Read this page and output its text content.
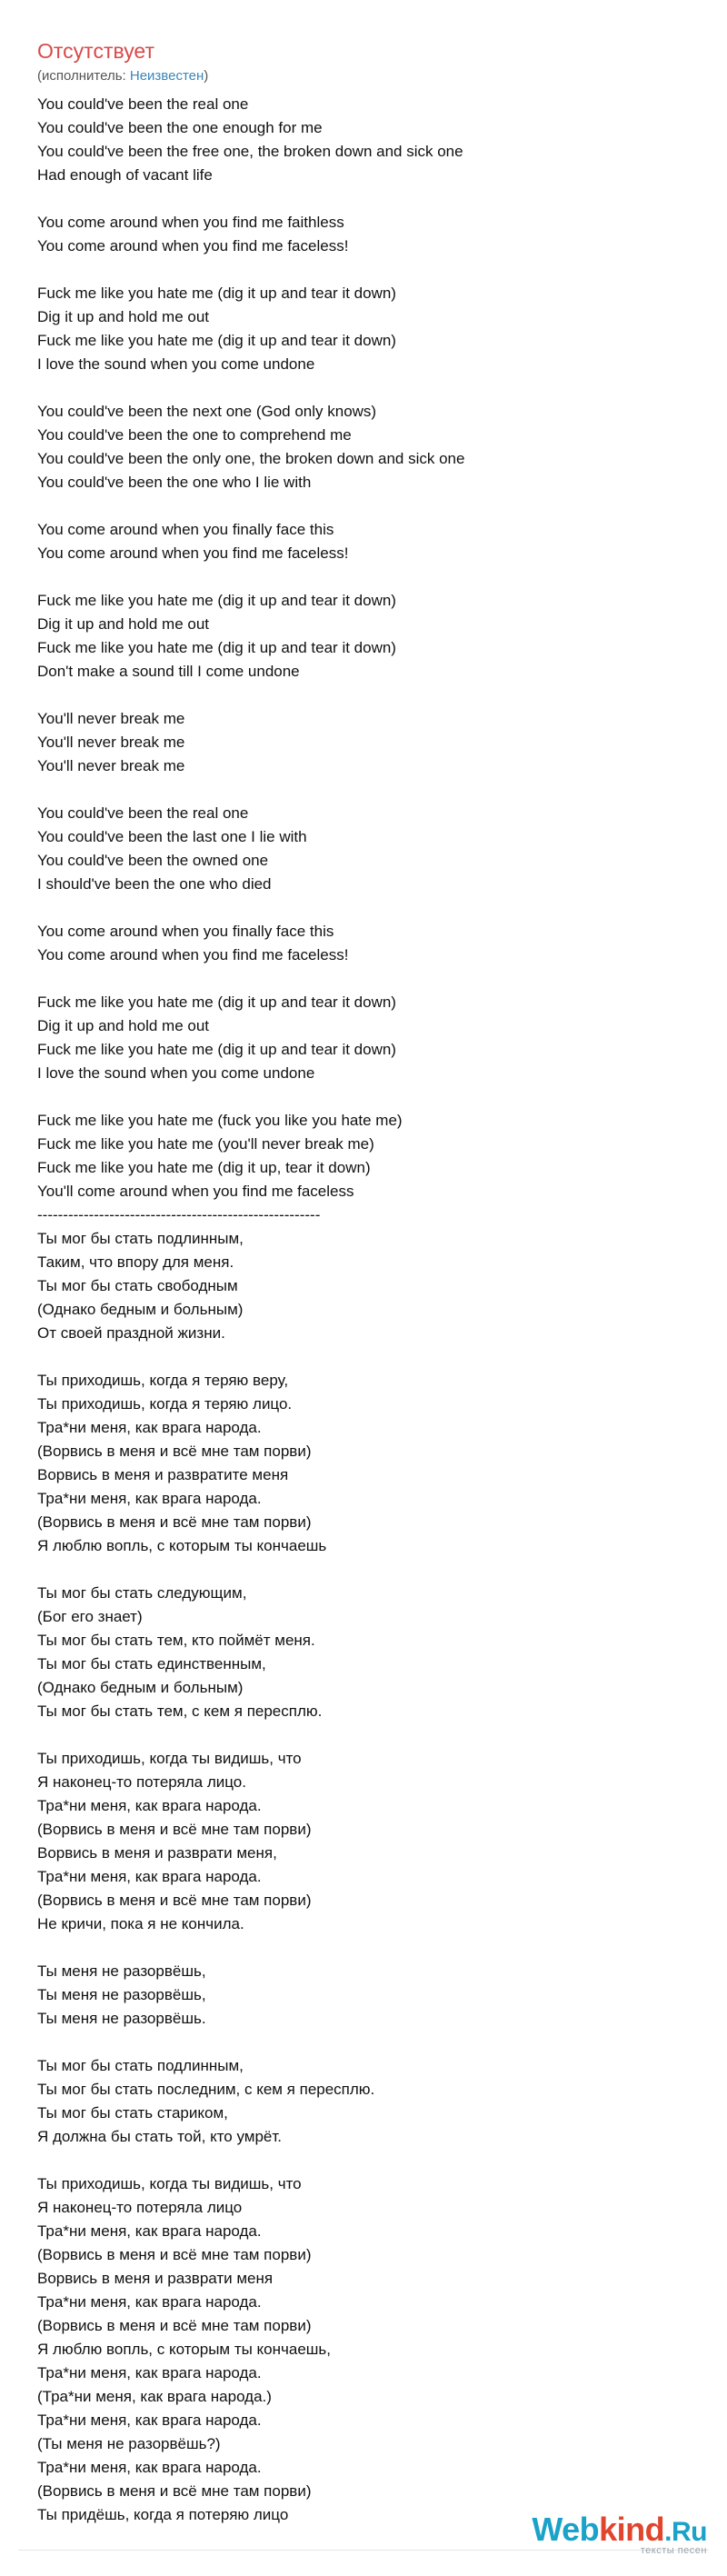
Отсутствует
(исполнитель: Неизвестен)
You could've been the real one
You could've been the one enough for me
You could've been the free one, the broken down and sick one
Had enough of vacant life
You come around when you find me faithless
You come around when you find me faceless!
Fuck me like you hate me (dig it up and tear it down)
Dig it up and hold me out
Fuck me like you hate me (dig it up and tear it down)
I love the sound when you come undone
You could've been the next one (God only knows)
You could've been the one to comprehend me
You could've been the only one, the broken down and sick one
You could've been the one who I lie with
You come around when you finally face this
You come around when you find me faceless!
Fuck me like you hate me (dig it up and tear it down)
Dig it up and hold me out
Fuck me like you hate me (dig it up and tear it down)
Don't make a sound till I come undone
You'll never break me
You'll never break me
You'll never break me
You could've been the real one
You could've been the last one I lie with
You could've been the owned one
I should've been the one who died
You come around when you finally face this
You come around when you find me faceless!
Fuck me like you hate me (dig it up and tear it down)
Dig it up and hold me out
Fuck me like you hate me (dig it up and tear it down)
I love the sound when you come undone
Fuck me like you hate me (fuck you like you hate me)
Fuck me like you hate me (you'll never break me)
Fuck me like you hate me (dig it up, tear it down)
You'll come around when you find me faceless
-------------------------------------------------------
Ты мог бы стать подлинным,
Таким, что впору для меня.
Ты мог бы стать свободным
(Однако бедным и больным)
От своей праздной жизни.
Ты приходишь, когда я теряю веру,
Ты приходишь, когда я теряю лицо.
Тра*ни меня, как врага народа.
(Ворвись в меня и всё мне там порви)
Ворвись в меня и развратите меня
Тра*ни меня, как врага народа.
(Ворвись в меня и всё мне там порви)
Я люблю вопль, с которым ты кончаешь
Ты мог бы стать следующим,
(Бог его знает)
Ты мог бы стать тем, кто поймёт меня.
Ты мог бы стать единственным,
(Однако бедным и больным)
Ты мог бы стать тем, с кем я пересплю.
Ты приходишь, когда ты видишь, что
Я наконец-то потеряла лицо.
Тра*ни меня, как врага народа.
(Ворвись в меня и всё мне там порви)
Ворвись в меня и разврати меня,
Тра*ни меня, как врага народа.
(Ворвись в меня и всё мне там порви)
Не кричи, пока я не кончила.
Ты меня не разорвёшь,
Ты меня не разорвёшь,
Ты меня не разорвёшь.
Ты мог бы стать подлинным,
Ты мог бы стать последним, с кем я пересплю.
Ты мог бы стать стариком,
Я должна бы стать той, кто умрёт.
Ты приходишь, когда ты видишь, что
Я наконец-то потеряла лицо
Тра*ни меня, как врага народа.
(Ворвись в меня и всё мне там порви)
Ворвись в меня и разврати меня
Тра*ни меня, как врага народа.
(Ворвись в меня и всё мне там порви)
Я люблю вопль, с которым ты кончаешь,
Тра*ни меня, как врага народа.
(Тра*ни меня, как врага народа.)
Тра*ни меня, как врага народа.
(Ты меня не разорвёшь?)
Тра*ни меня, как врага народа.
(Ворвись в меня и всё мне там порви)
Ты придёшь, когда я потеряю лицо	Webkind.Ru
тексты песен
